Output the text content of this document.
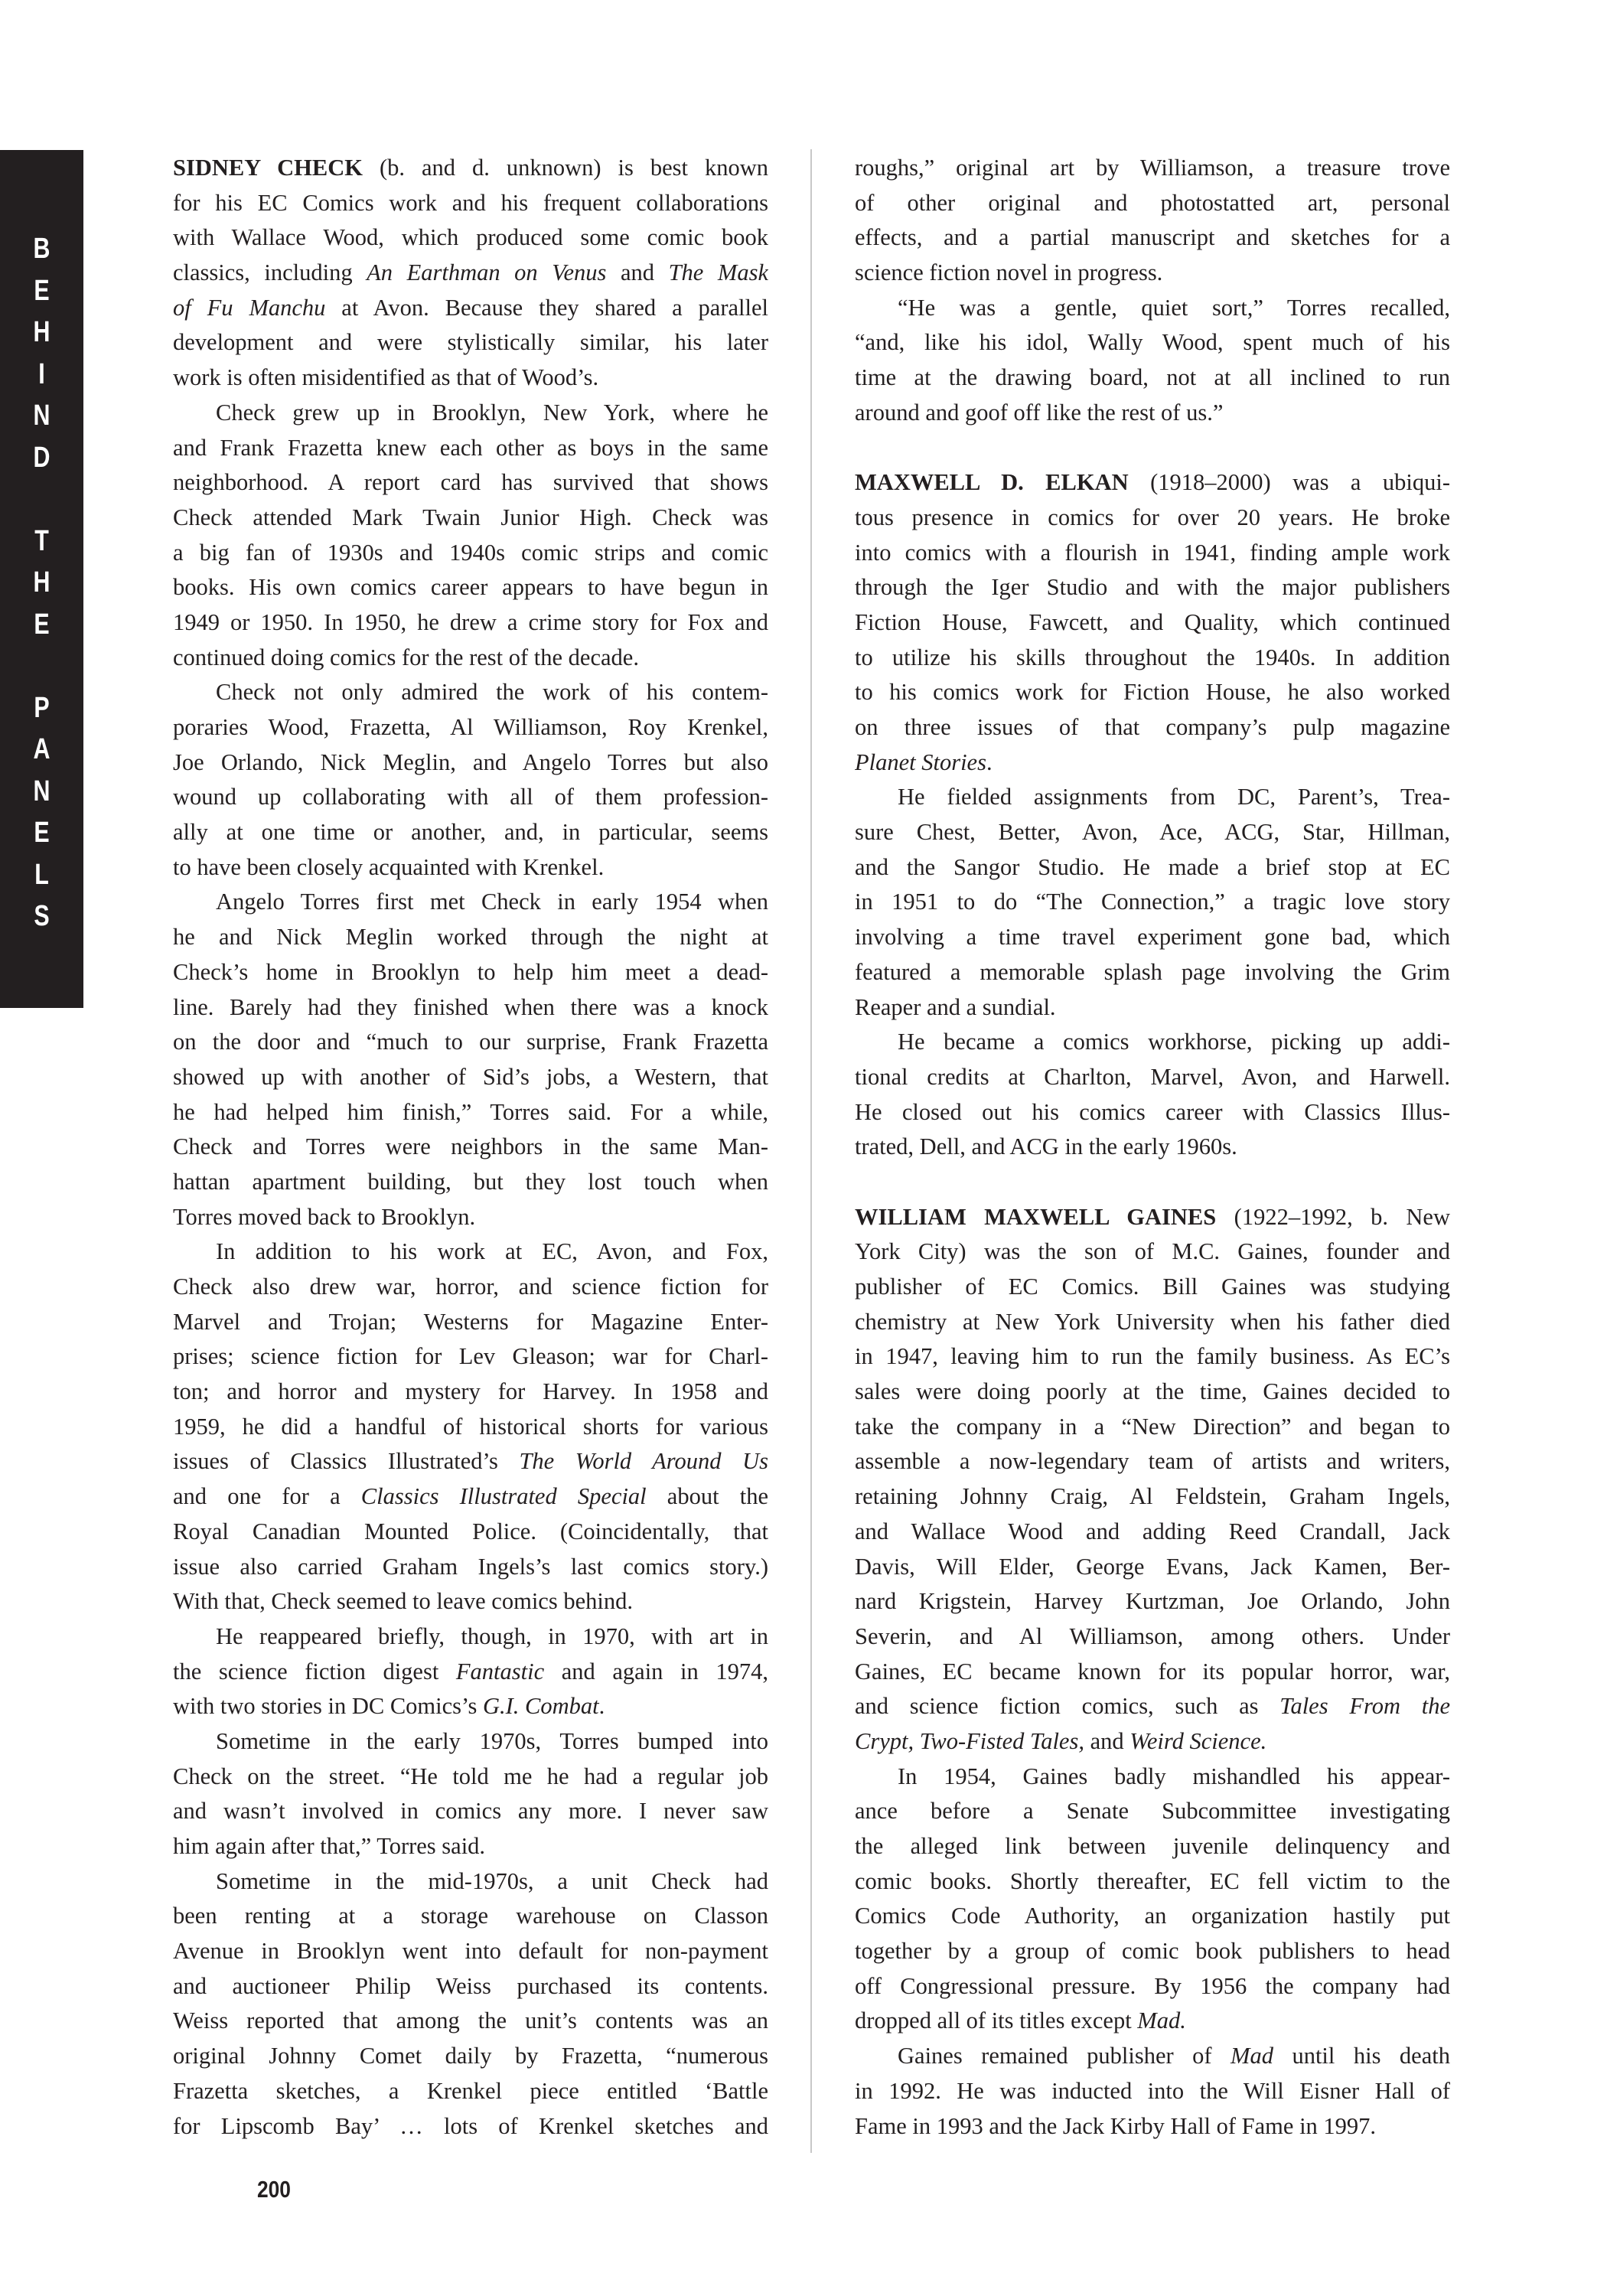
B
E
H
I
N
D
T
H
E
P
A
N
E
L
S
SIDNEY CHECK (b. and d. unknown) is best known
for his EC Comics work and his frequent collaborations
with Wallace Wood, which produced some comic book
classics, including An Earthman on Venus and The Mask
of Fu Manchu at Avon. Because they shared a parallel
development and were stylistically similar, his later
work is often misidentified as that of Wood’s.
Check grew up in Brooklyn, New York, where he
and Frank Frazetta knew each other as boys in the same
neighborhood. A report card has survived that shows
Check attended Mark Twain Junior High. Check was
a big fan of 1930s and 1940s comic strips and comic
books. His own comics career appears to have begun in
1949 or 1950. In 1950, he drew a crime story for Fox and
continued doing comics for the rest of the decade.
Check not only admired the work of his contem-
poraries Wood, Frazetta, Al Williamson, Roy Krenkel,
Joe Orlando, Nick Meglin, and Angelo Torres but also
wound up collaborating with all of them profession-
ally at one time or another, and, in particular, seems
to have been closely acquainted with Krenkel.
Angelo Torres first met Check in early 1954 when
he and Nick Meglin worked through the night at
Check’s home in Brooklyn to help him meet a dead-
line. Barely had they finished when there was a knock
on the door and “much to our surprise, Frank Frazetta
showed up with another of Sid’s jobs, a Western, that
he had helped him finish,” Torres said. For a while,
Check and Torres were neighbors in the same Man-
hattan apartment building, but they lost touch when
Torres moved back to Brooklyn.
In addition to his work at EC, Avon, and Fox,
Check also drew war, horror, and science fiction for
Marvel and Trojan; Westerns for Magazine Enter-
prises; science fiction for Lev Gleason; war for Charl-
ton; and horror and mystery for Harvey. In 1958 and
1959, he did a handful of historical shorts for various
issues of Classics Illustrated’s The World Around Us
and one for a Classics Illustrated Special about the
Royal Canadian Mounted Police. (Coincidentally, that
issue also carried Graham Ingels’s last comics story.)
With that, Check seemed to leave comics behind.
He reappeared briefly, though, in 1970, with art in
the science fiction digest Fantastic and again in 1974,
with two stories in DC Comics’s G.I. Combat.
Sometime in the early 1970s, Torres bumped into
Check on the street. “He told me he had a regular job
and wasn’t involved in comics any more. I never saw
him again after that,” Torres said.
Sometime in the mid-1970s, a unit Check had
been renting at a storage warehouse on Classon
Avenue in Brooklyn went into default for non-payment
and auctioneer Philip Weiss purchased its contents.
Weiss reported that among the unit’s contents was an
original Johnny Comet daily by Frazetta, “numerous
Frazetta sketches, a Krenkel piece entitled ‘Battle
for Lipscomb Bay’ … lots of Krenkel sketches and
roughs,” original art by Williamson, a treasure trove
of other original and photostatted art, personal
effects, and a partial manuscript and sketches for a
science fiction novel in progress.
“He was a gentle, quiet sort,” Torres recalled,
“and, like his idol, Wally Wood, spent much of his
time at the drawing board, not at all inclined to run
around and goof off like the rest of us.”
MAXWELL D. ELKAN (1918–2000) was a ubiqui-
tous presence in comics for over 20 years. He broke
into comics with a flourish in 1941, finding ample work
through the Iger Studio and with the major publishers
Fiction House, Fawcett, and Quality, which continued
to utilize his skills throughout the 1940s. In addition
to his comics work for Fiction House, he also worked
on three issues of that company’s pulp magazine
Planet Stories.
He fielded assignments from DC, Parent’s, Trea-
sure Chest, Better, Avon, Ace, ACG, Star, Hillman,
and the Sangor Studio. He made a brief stop at EC
in 1951 to do “The Connection,” a tragic love story
involving a time travel experiment gone bad, which
featured a memorable splash page involving the Grim
Reaper and a sundial.
He became a comics workhorse, picking up addi-
tional credits at Charlton, Marvel, Avon, and Harwell.
He closed out his comics career with Classics Illus-
trated, Dell, and ACG in the early 1960s.
WILLIAM MAXWELL GAINES (1922–1992, b. New
York City) was the son of M.C. Gaines, founder and
publisher of EC Comics. Bill Gaines was studying
chemistry at New York University when his father died
in 1947, leaving him to run the family business. As EC’s
sales were doing poorly at the time, Gaines decided to
take the company in a “New Direction” and began to
assemble a now-legendary team of artists and writers,
retaining Johnny Craig, Al Feldstein, Graham Ingels,
and Wallace Wood and adding Reed Crandall, Jack
Davis, Will Elder, George Evans, Jack Kamen, Ber-
nard Krigstein, Harvey Kurtzman, Joe Orlando, John
Severin, and Al Williamson, among others. Under
Gaines, EC became known for its popular horror, war,
and science fiction comics, such as Tales From the
Crypt, Two-Fisted Tales, and Weird Science.
In 1954, Gaines badly mishandled his appear-
ance before a Senate Subcommittee investigating
the alleged link between juvenile delinquency and
comic books. Shortly thereafter, EC fell victim to the
Comics Code Authority, an organization hastily put
together by a group of comic book publishers to head
off Congressional pressure. By 1956 the company had
dropped all of its titles except Mad.
Gaines remained publisher of Mad until his death
in 1992. He was inducted into the Will Eisner Hall of
Fame in 1993 and the Jack Kirby Hall of Fame in 1997.
200
